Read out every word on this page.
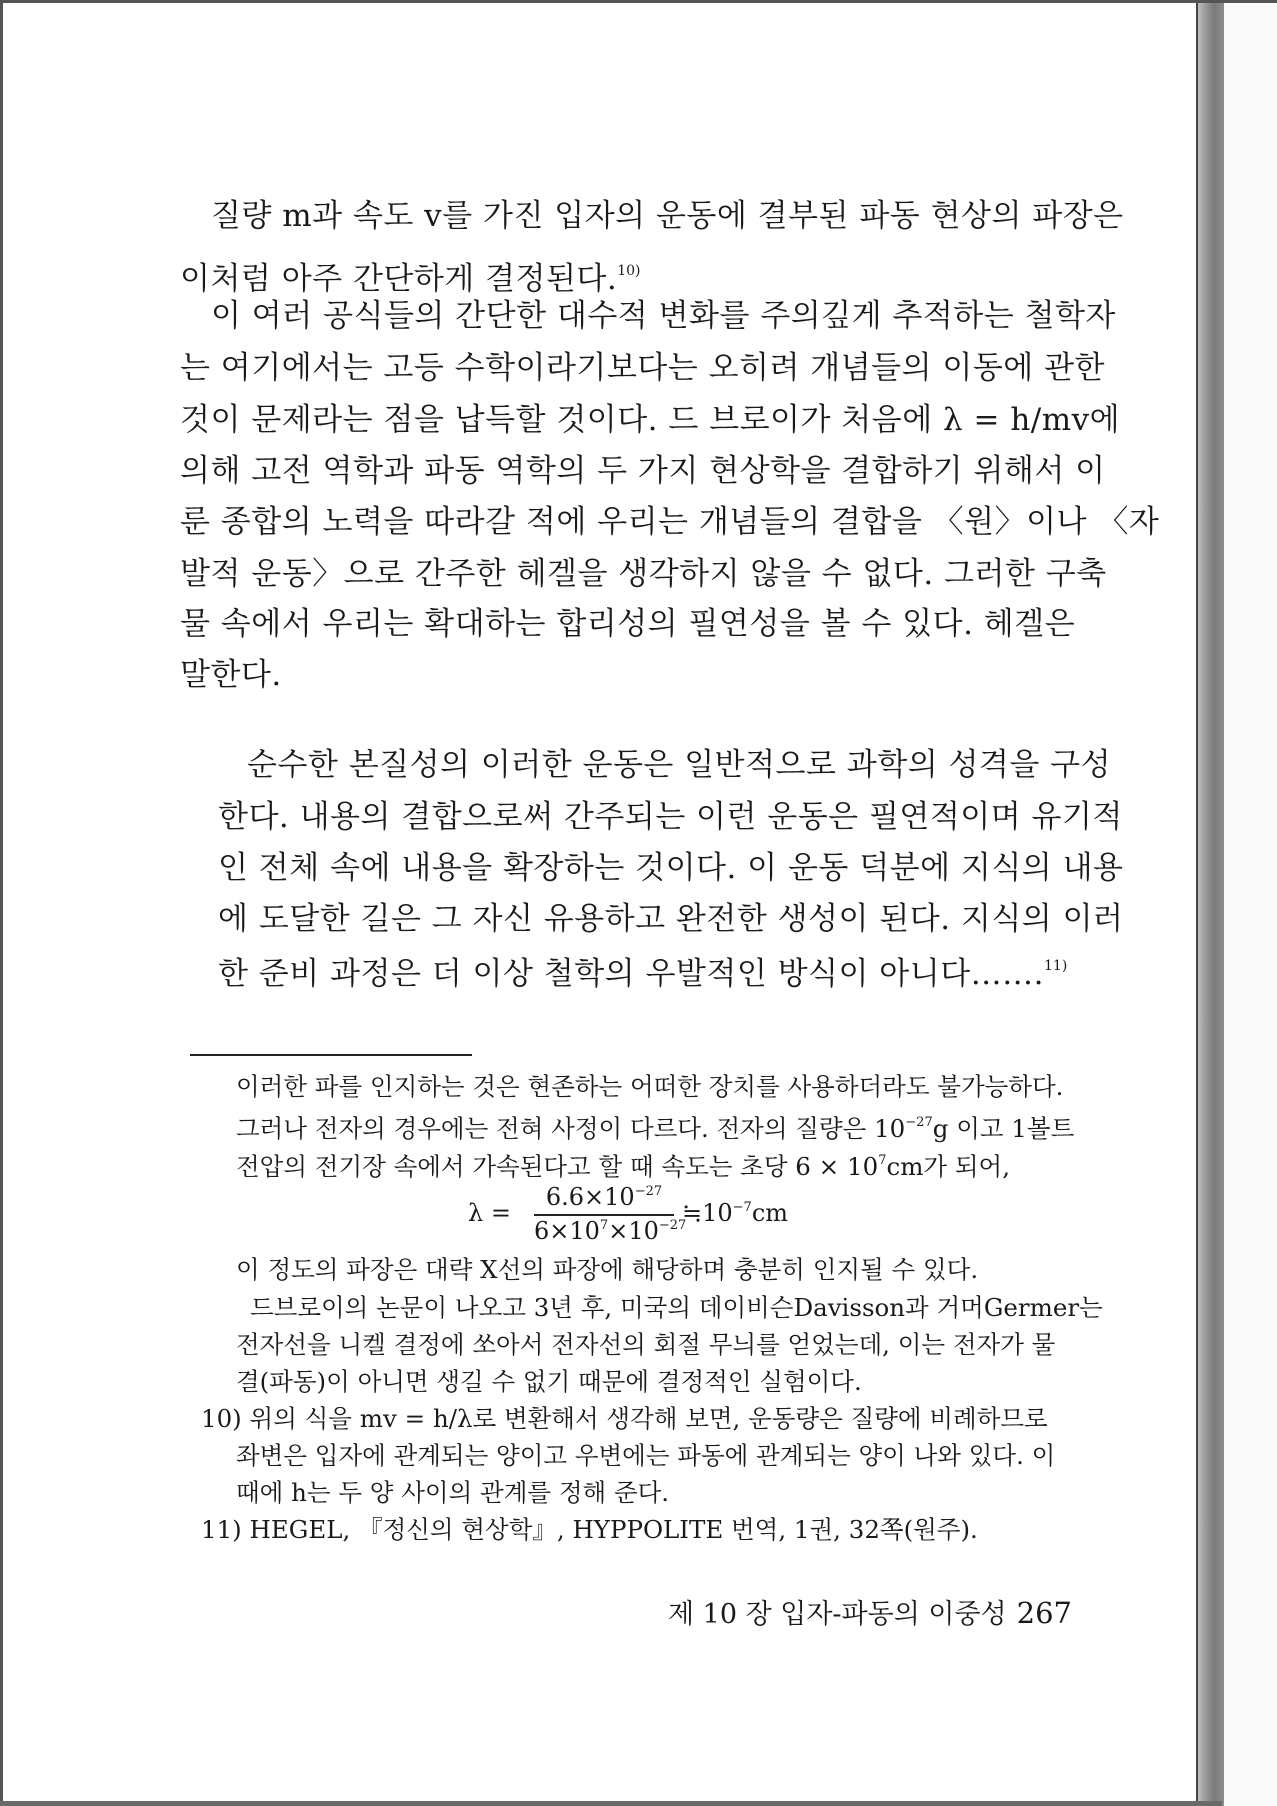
질량 m과 속도 v를 가진 입자의 운동에 결부된 파동 현상의 파장은
이처럼 아주 간단하게 결정된다.$^{10)}$
이 여러 공식들의 간단한 대수적 변화를 주의깊게 추적하는 철학자
는 여기에서는 고등 수학이라기보다는 오히려 개념들의 이동에 관한
것이 문제라는 점을 납득할 것이다. 드 브로이가 처음에 λ = h/mv에
의해 고전 역학과 파동 역학의 두 가지 현상학을 결합하기 위해서 이
룬 종합의 노력을 따라갈 적에 우리는 개념들의 결합을 〈원〉이나 〈자
발적 운동〉으로 간주한 헤겔을 생각하지 않을 수 없다. 그러한 구축
물 속에서 우리는 확대하는 합리성의 필연성을 볼 수 있다. 헤겔은
말한다.
순수한 본질성의 이러한 운동은 일반적으로 과학의 성격을 구성
한다. 내용의 결합으로써 간주되는 이런 운동은 필연적이며 유기적
인 전체 속에 내용을 확장하는 것이다. 이 운동 덕분에 지식의 내용
에 도달한 길은 그 자신 유용하고 완전한 생성이 된다. 지식의 이러
한 준비 과정은 더 이상 철학의 우발적인 방식이 아니다…….$^{11)}$
이러한 파를 인지하는 것은 현존하는 어떠한 장치를 사용하더라도 불가능하다.
그러나 전자의 경우에는 전혀 사정이 다르다. 전자의 질량은 10$^{-27}$g 이고 1볼트
전압의 전기장 속에서 가속된다고 할 때 속도는 초당 6 × 10$^7$cm가 되어,
λ =
$6.6\times 10^{-27}$
$6\times 10^7\times 10^{-27}$
$≒10^{-7}cm$
이 정도의 파장은 대략 X선의 파장에 해당하며 충분히 인지될 수 있다.
드브로이의 논문이 나오고 3년 후, 미국의 데이비슨Davisson과 거머Germer는
전자선을 니켈 결정에 쏘아서 전자선의 회절 무늬를 얻었는데, 이는 전자가 물
결(파동)이 아니면 생길 수 없기 때문에 결정적인 실험이다.
10) 위의 식을 mv = h/λ로 변환해서 생각해 보면, 운동량은 질량에 비례하므로
좌변은 입자에 관계되는 양이고 우변에는 파동에 관계되는 양이 나와 있다. 이
때에 h는 두 양 사이의 관계를 정해 준다.
11) HEGEL, 『정신의 현상학』, HYPPOLITE 번역, 1권, 32쪽(원주).
제 10 장 입자-파동의 이중성 267
